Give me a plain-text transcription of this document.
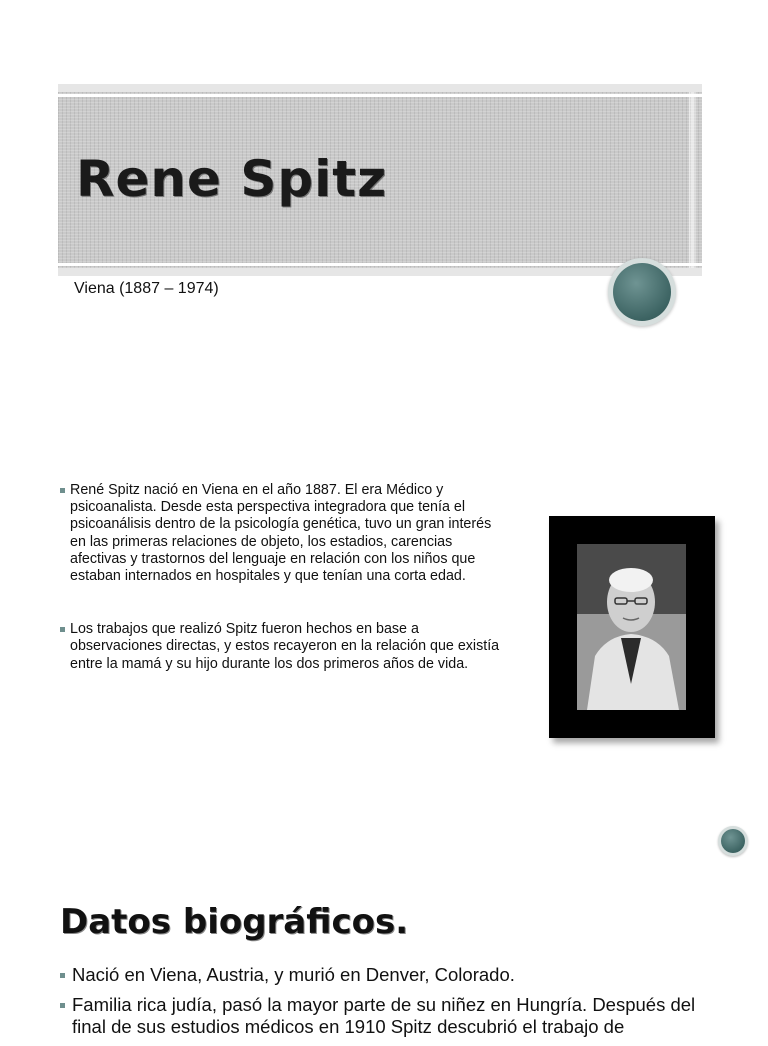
Rene Spitz

Viena (1887 – 1974)

René Spitz nació en Viena en el año 1887. El era Médico y psicoanalista. Desde esta perspectiva integradora que tenía el psicoanálisis dentro de la psicología genética, tuvo un gran interés en las primeras relaciones de objeto, los estadios, carencias afectivas y trastornos del lenguaje en relación con los niños que estaban internados en hospitales y que tenían una corta edad.
Los trabajos que realizó Spitz fueron hechos en base a observaciones directas, y estos recayeron en la relación que existía entre la mamá y su hijo durante los dos primeros años de vida.
Datos biográficos.
Nació en Viena, Austria, y murió en Denver, Colorado.
Familia rica judía, pasó la mayor parte de su niñez en Hungría. Después del final de sus estudios médicos en 1910 Spitz descubrió el trabajo de
